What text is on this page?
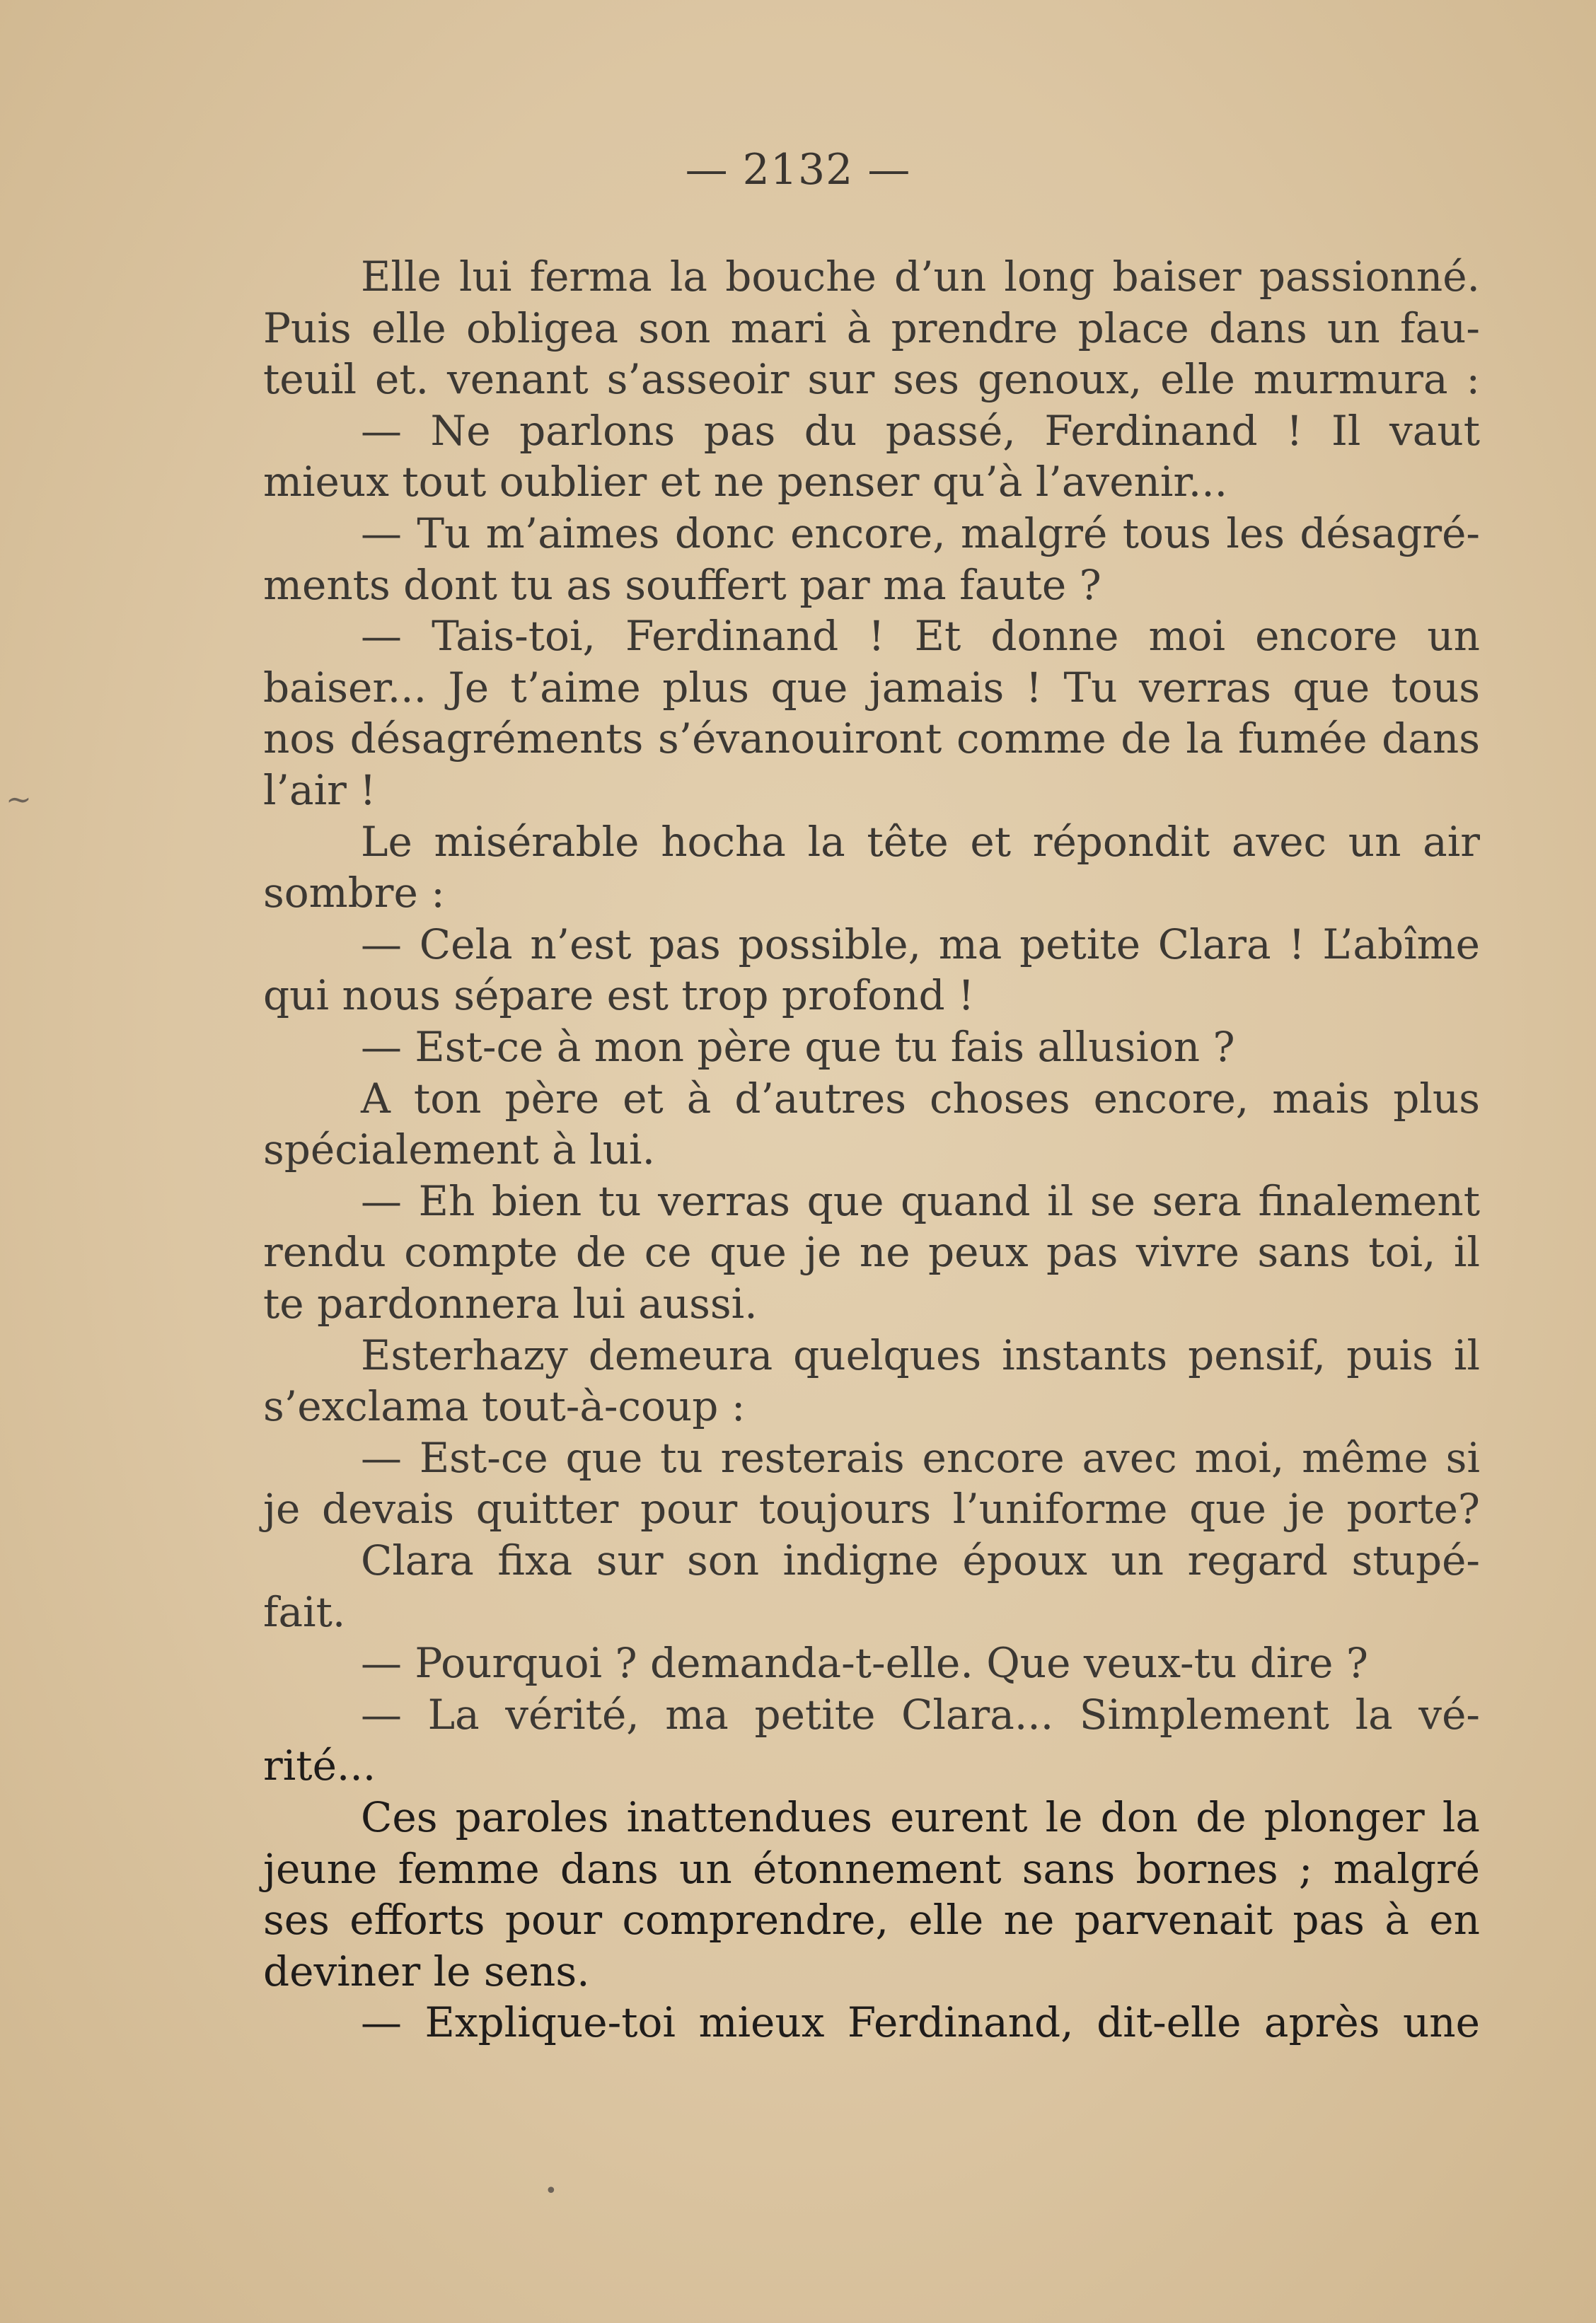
— 2132 —
Elle lui ferma la bouche d’un long baiser passionné.
Puis elle obligea son mari à prendre place dans un fau-
teuil et. venant s’asseoir sur ses genoux, elle murmura :
— Ne parlons pas du passé, Ferdinand ! Il vaut
mieux tout oublier et ne penser qu’à l’avenir...
— Tu m’aimes donc encore, malgré tous les désagré-
ments dont tu as souffert par ma faute ?
— Tais-toi, Ferdinand ! Et donne moi encore un
baiser... Je t’aime plus que jamais ! Tu verras que tous
nos désagréments s’évanouiront comme de la fumée dans
l’air !
Le misérable hocha la tête et répondit avec un air
sombre :
— Cela n’est pas possible, ma petite Clara ! L’abîme
qui nous sépare est trop profond !
— Est-ce à mon père que tu fais allusion ?
A ton père et à d’autres choses encore, mais plus
spécialement à lui.
— Eh bien tu verras que quand il se sera finalement
rendu compte de ce que je ne peux pas vivre sans toi, il
te pardonnera lui aussi.
Esterhazy demeura quelques instants pensif, puis il
s’exclama tout-à-coup :
— Est-ce que tu resterais encore avec moi, même si
je devais quitter pour toujours l’uniforme que je porte?
Clara fixa sur son indigne époux un regard stupé-
fait.
— Pourquoi ? demanda-t-elle. Que veux-tu dire ?
— La vérité, ma petite Clara... Simplement la vé-
rité...
Ces paroles inattendues eurent le don de plonger la
jeune femme dans un étonnement sans bornes ; malgré
ses efforts pour comprendre, elle ne parvenait pas à en
deviner le sens.
— Explique-toi mieux Ferdinand, dit-elle après une
~
•
